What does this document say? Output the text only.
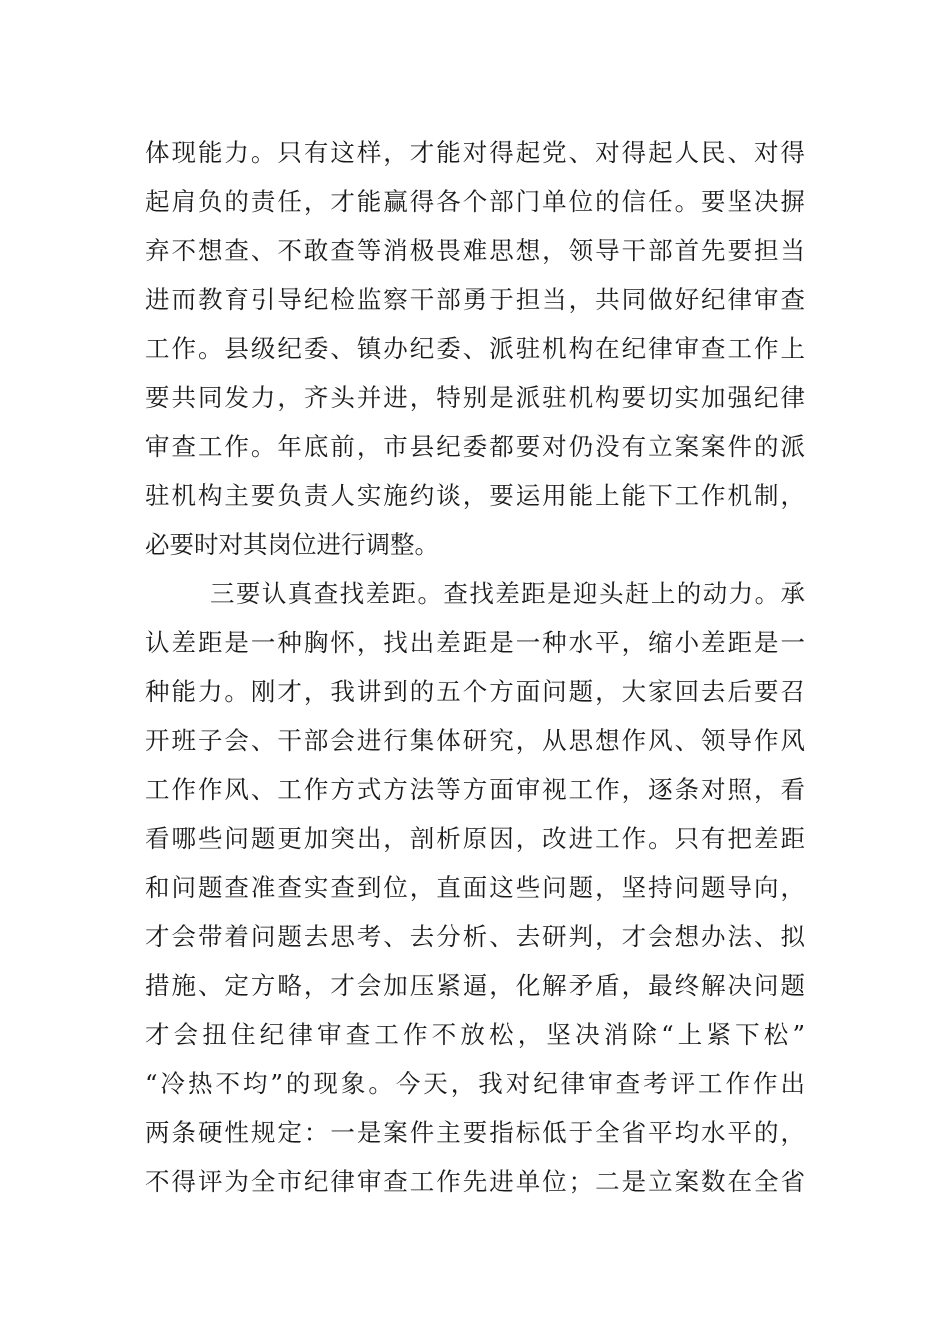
体现能力。只有这样，才能对得起党、对得起人民、对得
起肩负的责任，才能赢得各个部门单位的信任。要坚决摒
弃不想查、不敢查等消极畏难思想，领导干部首先要担当
进而教育引导纪检监察干部勇于担当，共同做好纪律审查
工作。县级纪委、镇办纪委、派驻机构在纪律审查工作上
要共同发力，齐头并进，特别是派驻机构要切实加强纪律
审查工作。年底前，市县纪委都要对仍没有立案案件的派
驻机构主要负责人实施约谈，要运用能上能下工作机制，
必要时对其岗位进行调整。
三要认真查找差距。查找差距是迎头赶上的动力。承
认差距是一种胸怀，找出差距是一种水平，缩小差距是一
种能力。刚才，我讲到的五个方面问题，大家回去后要召
开班子会、干部会进行集体研究，从思想作风、领导作风
工作作风、工作方式方法等方面审视工作，逐条对照，看
看哪些问题更加突出，剖析原因，改进工作。只有把差距
和问题查准查实查到位，直面这些问题，坚持问题导向，
才会带着问题去思考、去分析、去研判，才会想办法、拟
措施、定方略，才会加压紧逼，化解矛盾，最终解决问题
才会扭住纪律审查工作不放松，坚决消除“上紧下松”
“冷热不均”的现象。今天，我对纪律审查考评工作作出
两条硬性规定：一是案件主要指标低于全省平均水平的，
不得评为全市纪律审查工作先进单位；二是立案数在全省
